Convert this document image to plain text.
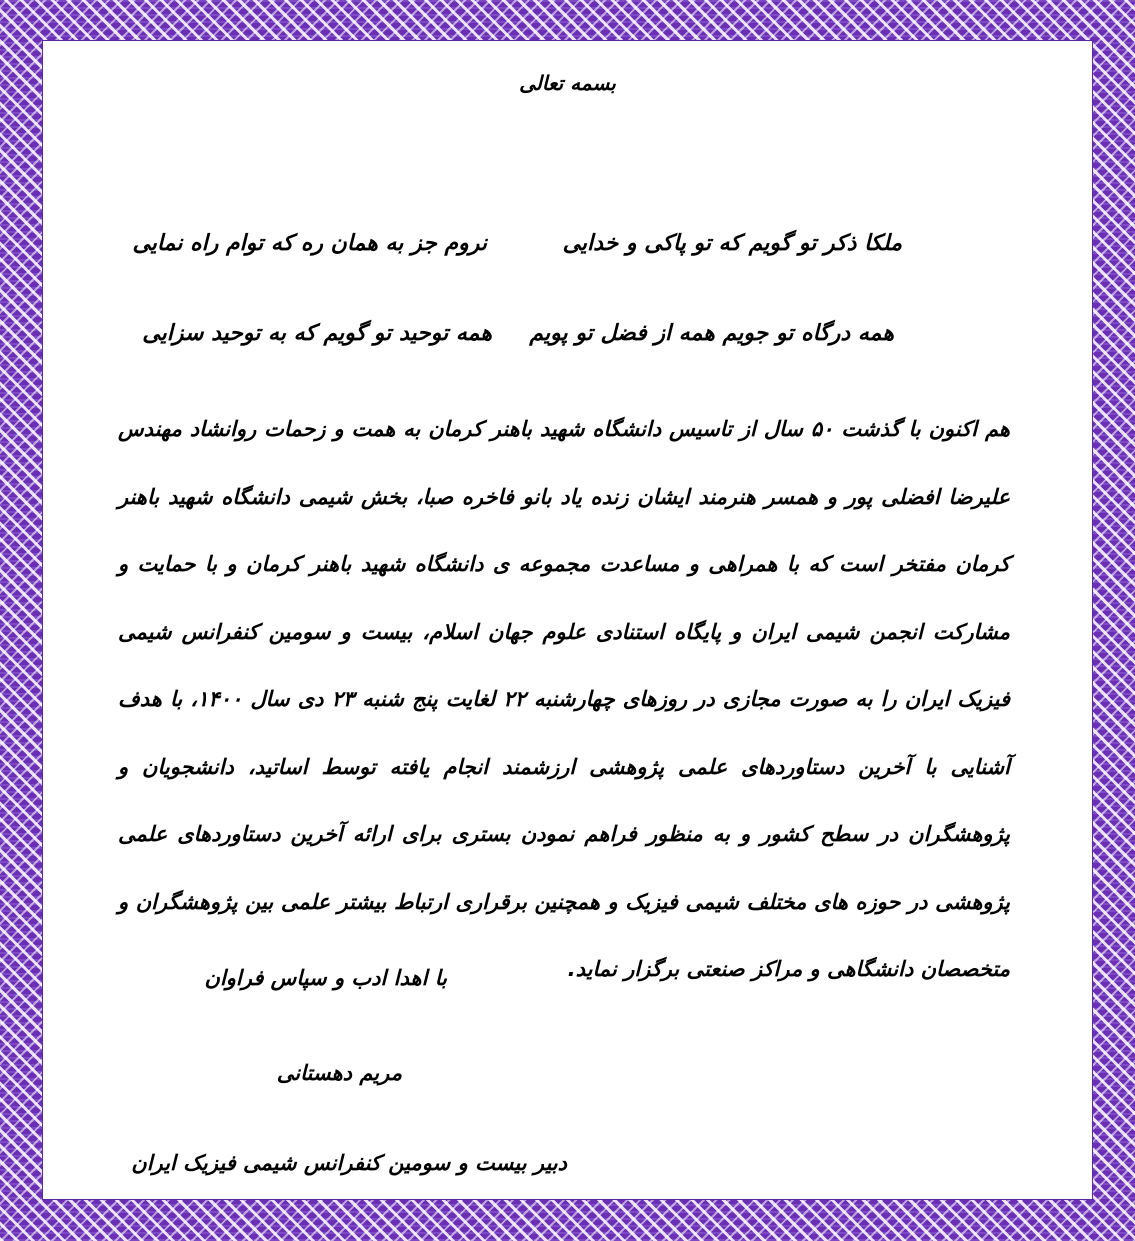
بسمه تعالی
ملکا ذکر تو گویم که تو پاکی و خدایی
نروم جز به همان ره که توام راه نمایی
همه درگاه تو جویم همه از فضل تو پویم
همه توحید تو گویم که به توحید سزایی
هم اکنون با گذشت ۵۰ سال از تاسیس دانشگاه شهید باهنر کرمان به همت و زحمات روانشاد مهندس علیرضا افضلی پور و همسر هنرمند ایشان زنده یاد بانو فاخره صبا، بخش شیمی دانشگاه شهید باهنر کرمان مفتخر است که با همراهی و مساعدت مجموعه ی دانشگاه شهید باهنر کرمان و با حمایت و مشارکت انجمن شیمی ایران و پایگاه استنادی علوم جهان اسلام، بیست و سومین کنفرانس شیمی فیزیک ایران را به صورت مجازی در روزهای چهارشنبه ۲۲ لغایت پنج شنبه ۲۳ دی سال ۱۴۰۰، با هدف آشنایی با آخرین دستاوردهای علمی پژوهشی ارزشمند انجام یافته توسط اساتید، دانشجویان و پژوهشگران در سطح کشور و به منظور فراهم نمودن بستری برای ارائه آخرین دستاوردهای علمی پژوهشی در حوزه های مختلف شیمی فیزیک و همچنین برقراری ارتباط بیشتر علمی بین پژوهشگران و متخصصان دانشگاهی و مراکز صنعتی برگزار نماید.
با اهدا ادب و سپاس فراوان
مریم دهستانی
دبیر بیست و سومین کنفرانس شیمی فیزیک ایران
